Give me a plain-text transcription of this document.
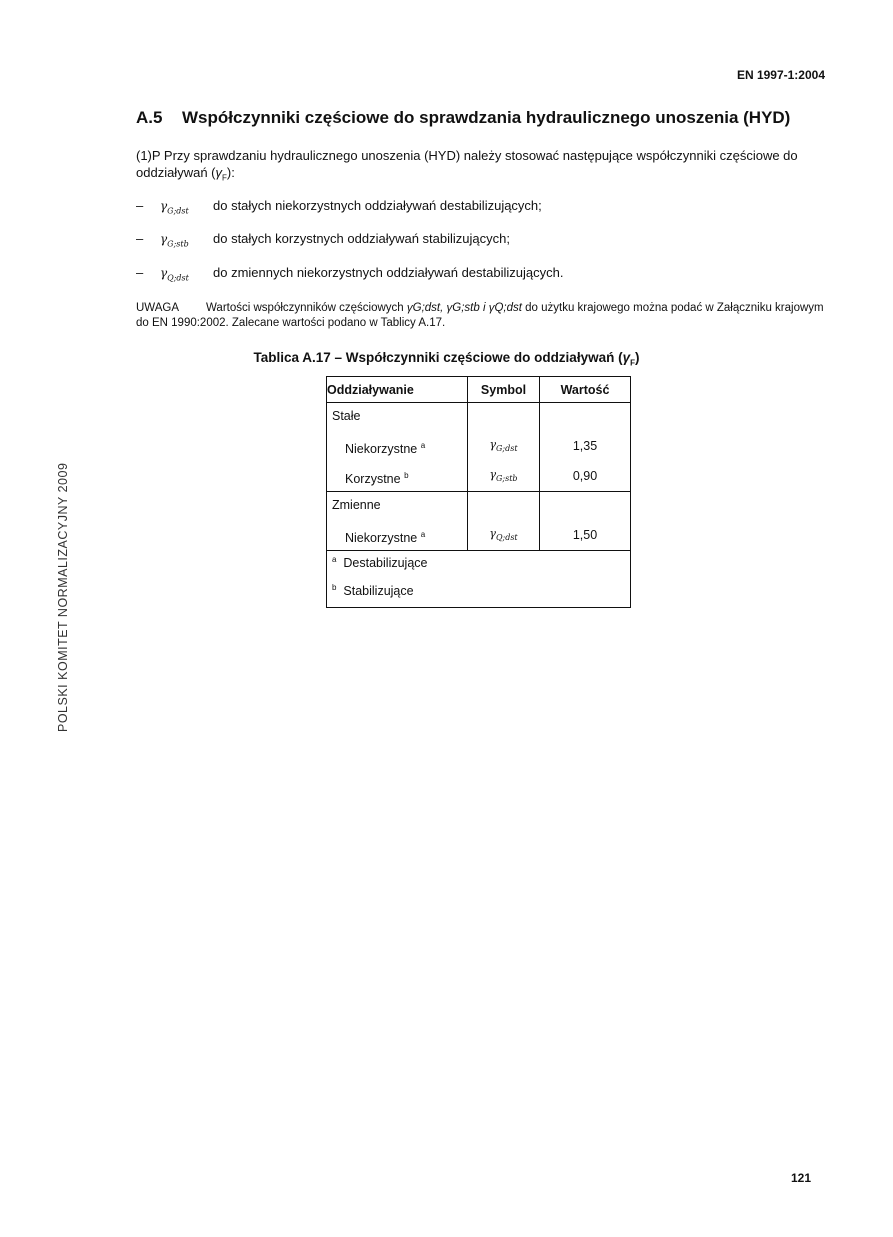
EN 1997-1:2004
A.5 Współczynniki częściowe do sprawdzania hydraulicznego unoszenia (HYD)
(1)P Przy sprawdzaniu hydraulicznego unoszenia (HYD) należy stosować następujące współczynniki częściowe do oddziaływań $(\gamma_F)$:
– $\gamma_{G;dst}$ do stałych niekorzystnych oddziaływań destabilizujących;
– $\gamma_{G;stb}$ do stałych korzystnych oddziaływań stabilizujących;
– $\gamma_{Q;dst}$ do zmiennych niekorzystnych oddziaływań destabilizujących.
UWAGA Wartości współczynników częściowych γG;dst, γG;stb i γQ;dst do użytku krajowego można podać w Załączniku krajowym do EN 1990:2002. Zalecane wartości podano w Tablicy A.17.
Tablica A.17 – Współczynniki częściowe do oddziaływań $(\gamma_F)$
Oddziaływanie	Symbol	Wartość

Stałe		

Niekorzystne $^a$	$\gamma_{G;dst}$	1,35

Korzystne $^b$	$\gamma_{G;stb}$	0,90

Zmienne		

Niekorzystne $^a$	$\gamma_{Q;dst}$	1,50

$^a$ Destabilizujące		

$^b$ Stabilizujące		
POLSKI KOMITET NORMALIZACYJNY 2009
121
